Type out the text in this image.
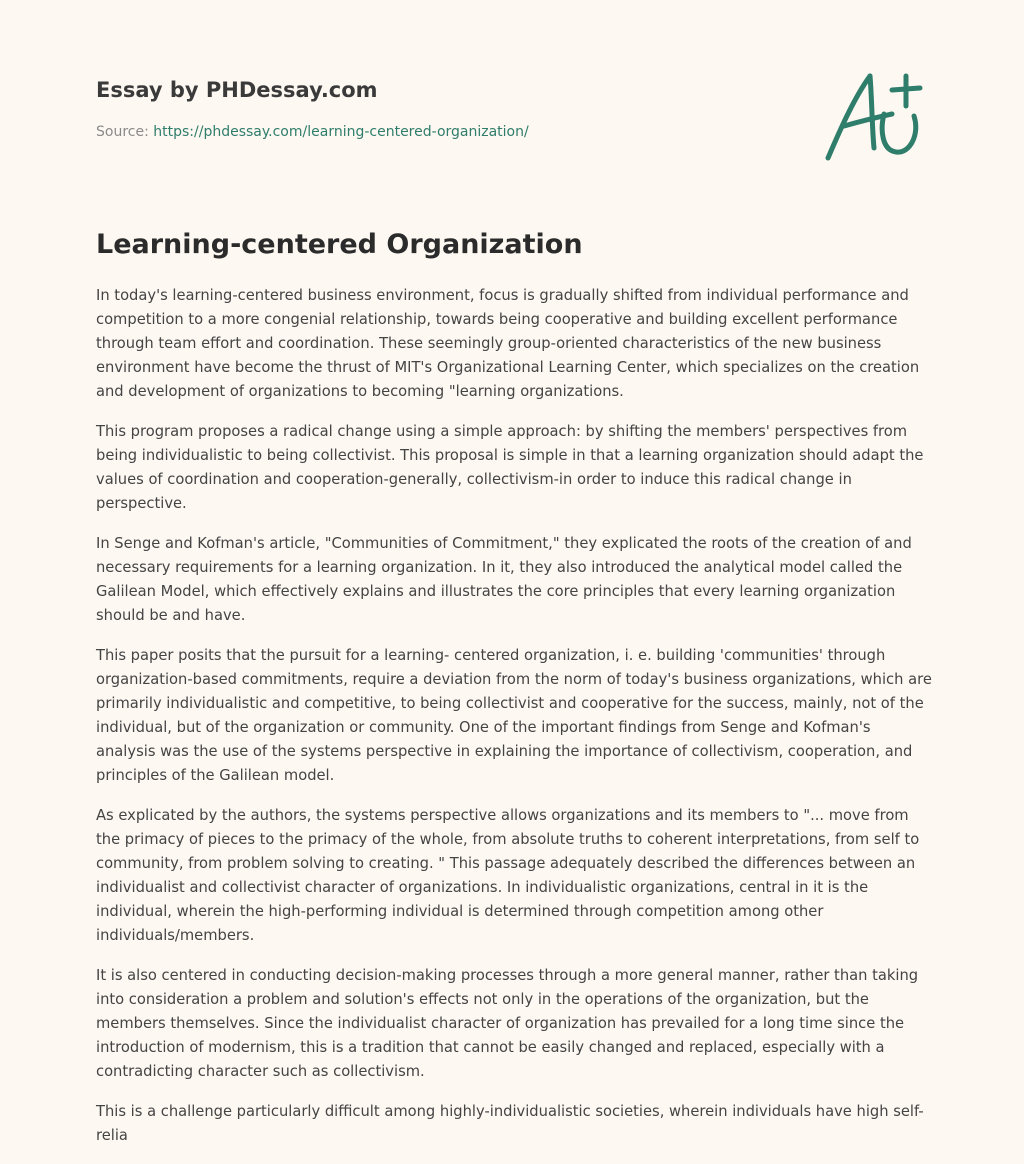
Essay by PHDessay.com
Source: https://phdessay.com/learning-centered-organization/
Learning-centered Organization

In today's learning-centered business environment, focus is gradually shifted from individual performance and competition to a more congenial relationship, towards being cooperative and building excellent performance through team effort and coordination. These seemingly group-oriented characteristics of the new business environment have become the thrust of MIT's Organizational Learning Center, which specializes on the creation and development of organizations to becoming "learning organizations.

This program proposes a radical change using a simple approach: by shifting the members' perspectives from being individualistic to being collectivist. This proposal is simple in that a learning organization should adapt the values of coordination and cooperation-generally, collectivism-in order to induce this radical change in perspective.

In Senge and Kofman's article, "Communities of Commitment," they explicated the roots of the creation of and necessary requirements for a learning organization. In it, they also introduced the analytical model called the Galilean Model, which effectively explains and illustrates the core principles that every learning organization should be and have.

This paper posits that the pursuit for a learning- centered organization, i. e. building 'communities' through organization-based commitments, require a deviation from the norm of today's business organizations, which are primarily individualistic and competitive, to being collectivist and cooperative for the success, mainly, not of the individual, but of the organization or community. One of the important findings from Senge and Kofman's analysis was the use of the systems perspective in explaining the importance of collectivism, cooperation, and principles of the Galilean model.

As explicated by the authors, the systems perspective allows organizations and its members to "... move from the primacy of pieces to the primacy of the whole, from absolute truths to coherent interpretations, from self to community, from problem solving to creating. " This passage adequately described the differences between an individualist and collectivist character of organizations. In individualistic organizations, central in it is the individual, wherein the high-performing individual is determined through competition among other individuals/members.

It is also centered in conducting decision-making processes through a more general manner, rather than taking into consideration a problem and solution's effects not only in the operations of the organization, but the members themselves. Since the individualist character of organization has prevailed for a long time since the introduction of modernism, this is a tradition that cannot be easily changed and replaced, especially with a contradicting character such as collectivism.

This is a challenge particularly difficult among highly-individualistic societies, wherein individuals have high self-relia
